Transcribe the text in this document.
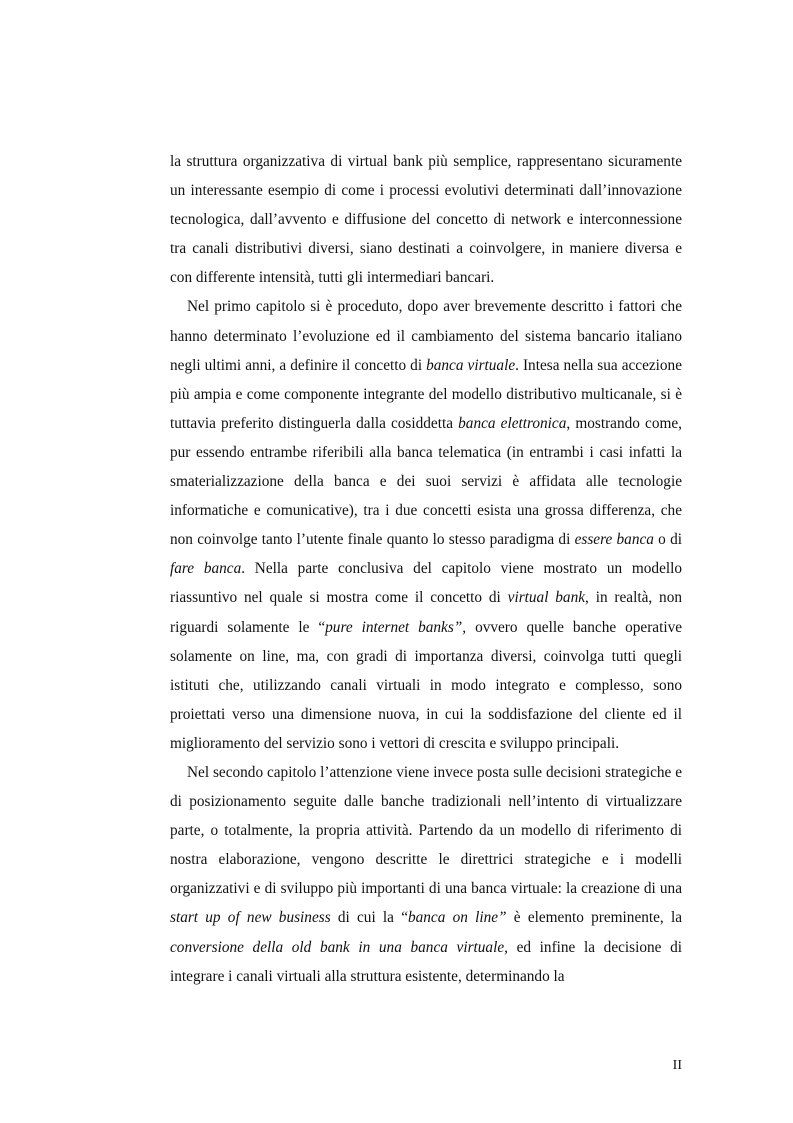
la struttura organizzativa di virtual bank più semplice, rappresentano sicuramente un interessante esempio di come i processi evolutivi determinati dall’innovazione tecnologica, dall’avvento e diffusione del concetto di network e interconnessione tra canali distributivi diversi, siano destinati a coinvolgere, in maniere diversa e con differente intensità, tutti gli intermediari bancari.

Nel primo capitolo si è proceduto, dopo aver brevemente descritto i fattori che hanno determinato l’evoluzione ed il cambiamento del sistema bancario italiano negli ultimi anni, a definire il concetto di banca virtuale. Intesa nella sua accezione più ampia e come componente integrante del modello distributivo multicanale, si è tuttavia preferito distinguerla dalla cosiddetta banca elettronica, mostrando come, pur essendo entrambe riferibili alla banca telematica (in entrambi i casi infatti la smaterializzazione della banca e dei suoi servizi è affidata alle tecnologie informatiche e comunicative), tra i due concetti esista una grossa differenza, che non coinvolge tanto l’utente finale quanto lo stesso paradigma di essere banca o di fare banca. Nella parte conclusiva del capitolo viene mostrato un modello riassuntivo nel quale si mostra come il concetto di virtual bank, in realtà, non riguardi solamente le “pure internet banks”, ovvero quelle banche operative solamente on line, ma, con gradi di importanza diversi, coinvolga tutti quegli istituti che, utilizzando canali virtuali in modo integrato e complesso, sono proiettati verso una dimensione nuova, in cui la soddisfazione del cliente ed il miglioramento del servizio sono i vettori di crescita e sviluppo principali.

Nel secondo capitolo l’attenzione viene invece posta sulle decisioni strategiche e di posizionamento seguite dalle banche tradizionali nell’intento di virtualizzare parte, o totalmente, la propria attività. Partendo da un modello di riferimento di nostra elaborazione, vengono descritte le direttrici strategiche e i modelli organizzativi e di sviluppo più importanti di una banca virtuale: la creazione di una start up of new business di cui la “banca on line” è elemento preminente, la conversione della old bank in una banca virtuale, ed infine la decisione di integrare i canali virtuali alla struttura esistente, determinando la

II
